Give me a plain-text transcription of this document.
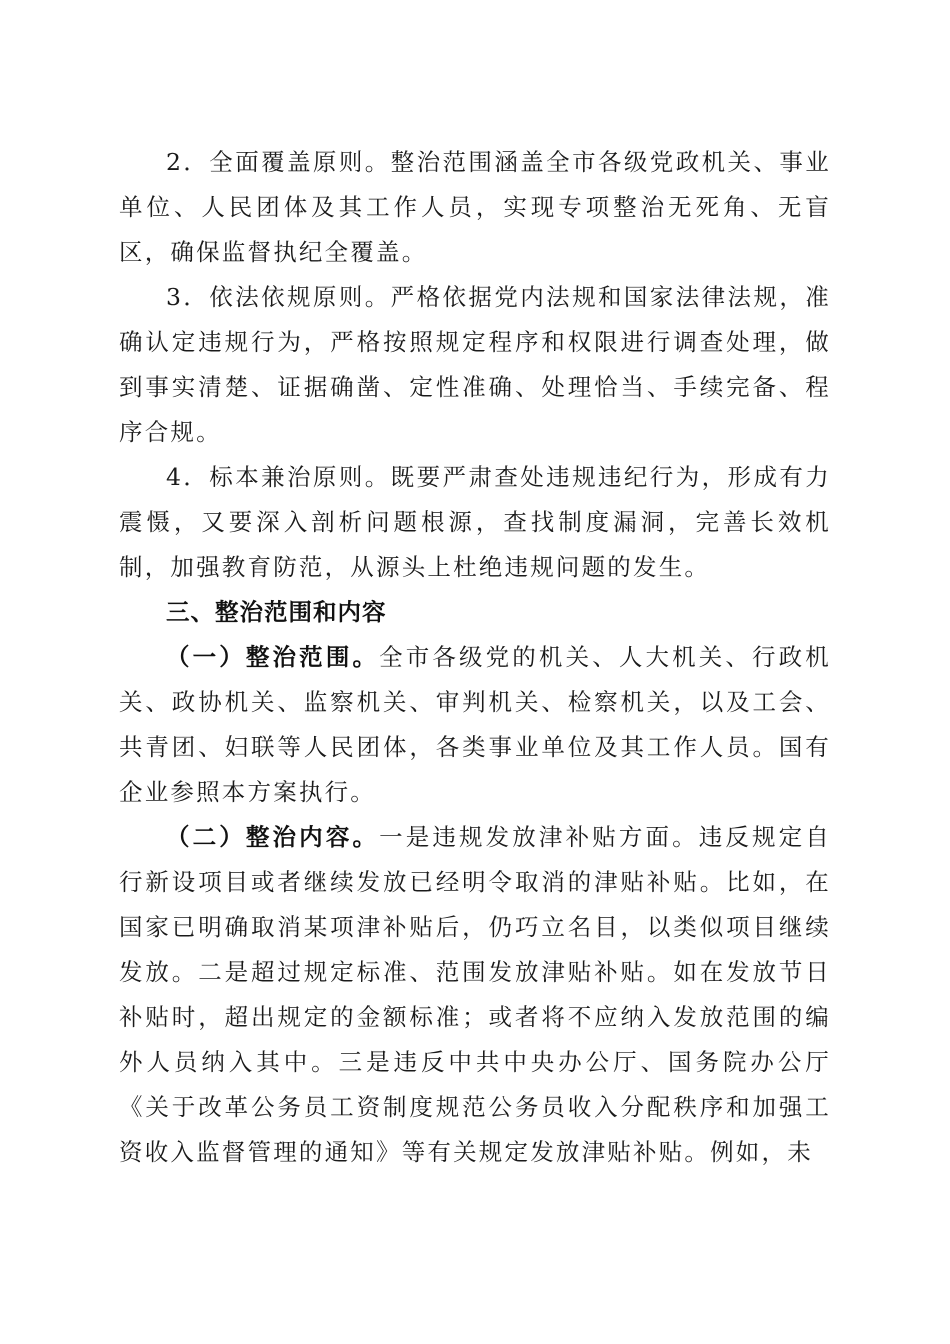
2．全面覆盖原则。整治范围涵盖全市各级党政机关、事业单位、人民团体及其工作人员，实现专项整治无死角、无盲区，确保监督执纪全覆盖。

3．依法依规原则。严格依据党内法规和国家法律法规，准确认定违规行为，严格按照规定程序和权限进行调查处理，做到事实清楚、证据确凿、定性准确、处理恰当、手续完备、程序合规。

4．标本兼治原则。既要严肃查处违规违纪行为，形成有力震慑，又要深入剖析问题根源，查找制度漏洞，完善长效机制，加强教育防范，从源头上杜绝违规问题的发生。

三、整治范围和内容

（一）整治范围。全市各级党的机关、人大机关、行政机关、政协机关、监察机关、审判机关、检察机关，以及工会、共青团、妇联等人民团体，各类事业单位及其工作人员。国有企业参照本方案执行。

（二）整治内容。一是违规发放津补贴方面。违反规定自行新设项目或者继续发放已经明令取消的津贴补贴。比如，在国家已明确取消某项津补贴后，仍巧立名目，以类似项目继续发放。二是超过规定标准、范围发放津贴补贴。如在发放节日补贴时，超出规定的金额标准；或者将不应纳入发放范围的编外人员纳入其中。三是违反中共中央办公厅、国务院办公厅《关于改革公务员工资制度规范公务员收入分配秩序和加强工资收入监督管理的通知》等有关规定发放津贴补贴。例如，未
